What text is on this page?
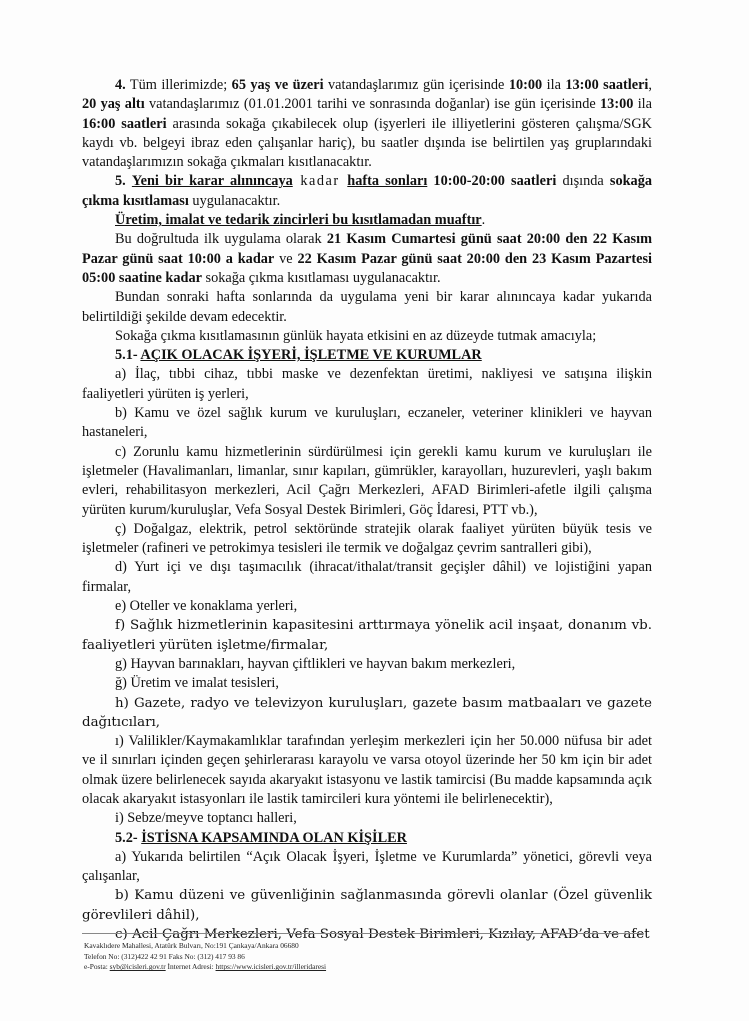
4. Tüm illerimizde; 65 yaş ve üzeri vatandaşlarımız gün içerisinde 10:00 ila 13:00 saatleri, 20 yaş altı vatandaşlarımız (01.01.2001 tarihi ve sonrasında doğanlar) ise gün içerisinde 13:00 ila 16:00 saatleri arasında sokağa çıkabilecek olup (işyerleri ile illiyetlerini gösteren çalışma/SGK kaydı vb. belgeyi ibraz eden çalışanlar hariç), bu saatler dışında ise belirtilen yaş gruplarındaki vatandaşlarımızın sokağa çıkmaları kısıtlanacaktır.

5. Yeni bir karar alınıncaya kadar hafta sonları 10:00-20:00 saatleri dışında sokağa çıkma kısıtlaması uygulanacaktır.

Üretim, imalat ve tedarik zincirleri bu kısıtlamadan muaftır.

Bu doğrultuda ilk uygulama olarak 21 Kasım Cumartesi günü saat 20:00 den 22 Kasım Pazar günü saat 10:00 a kadar ve 22 Kasım Pazar günü saat 20:00 den 23 Kasım Pazartesi 05:00 saatine kadar sokağa çıkma kısıtlaması uygulanacaktır.

Bundan sonraki hafta sonlarında da uygulama yeni bir karar alınıncaya kadar yukarıda belirtildiği şekilde devam edecektir.

Sokağa çıkma kısıtlamasının günlük hayata etkisini en az düzeyde tutmak amacıyla;

5.1- AÇIK OLACAK İŞYERİ, İŞLETME VE KURUMLAR

a) İlaç, tıbbi cihaz, tıbbi maske ve dezenfektan üretimi, nakliyesi ve satışına ilişkin faaliyetleri yürüten iş yerleri,

b) Kamu ve özel sağlık kurum ve kuruluşları, eczaneler, veteriner klinikleri ve hayvan hastaneleri,

c) Zorunlu kamu hizmetlerinin sürdürülmesi için gerekli kamu kurum ve kuruluşları ile işletmeler (Havalimanları, limanlar, sınır kapıları, gümrükler, karayolları, huzurevleri, yaşlı bakım evleri, rehabilitasyon merkezleri, Acil Çağrı Merkezleri, AFAD Birimleri-afetle ilgili çalışma yürüten kurum/kuruluşlar, Vefa Sosyal Destek Birimleri, Göç İdaresi, PTT vb.),

ç) Doğalgaz, elektrik, petrol sektöründe stratejik olarak faaliyet yürüten büyük tesis ve işletmeler (rafineri ve petrokimya tesisleri ile termik ve doğalgaz çevrim santralleri gibi),

d) Yurt içi ve dışı taşımacılık (ihracat/ithalat/transit geçişler dâhil) ve lojistiğini yapan firmalar,

e) Oteller ve konaklama yerleri,

f) Sağlık hizmetlerinin kapasitesini arttırmaya yönelik acil inşaat, donanım vb. faaliyetleri yürüten işletme/firmalar,

g) Hayvan barınakları, hayvan çiftlikleri ve hayvan bakım merkezleri,

ğ) Üretim ve imalat tesisleri,

h) Gazete, radyo ve televizyon kuruluşları, gazete basım matbaaları ve gazete dağıtıcıları,

ı) Valilikler/Kaymakamlıklar tarafından yerleşim merkezleri için her 50.000 nüfusa bir adet ve il sınırları içinden geçen şehirlerarası karayolu ve varsa otoyol üzerinde her 50 km için bir adet olmak üzere belirlenecek sayıda akaryakıt istasyonu ve lastik tamircisi (Bu madde kapsamında açık olacak akaryakıt istasyonları ile lastik tamircileri kura yöntemi ile belirlenecektir),

i) Sebze/meyve toptancı halleri,

5.2- İSTİSNA KAPSAMINDA OLAN KİŞİLER

a) Yukarıda belirtilen “Açık Olacak İşyeri, İşletme ve Kurumlarda” yönetici, görevli veya çalışanlar,

b) Kamu düzeni ve güvenliğinin sağlanmasında görevli olanlar (Özel güvenlik görevlileri dâhil),

c) Acil Çağrı Merkezleri, Vefa Sosyal Destek Birimleri, Kızılay, AFAD’da ve afet

Kavaklıdere Mahallesi, Atatürk Bulvarı, No:191 Çankaya/Ankara 06680
Telefon No: (312)422 42 91 Faks No: (312) 417 93 86
e-Posta: syb@icisleri.gov.tr İnternet Adresi: https://www.icisleri.gov.tr/illeridaresi
